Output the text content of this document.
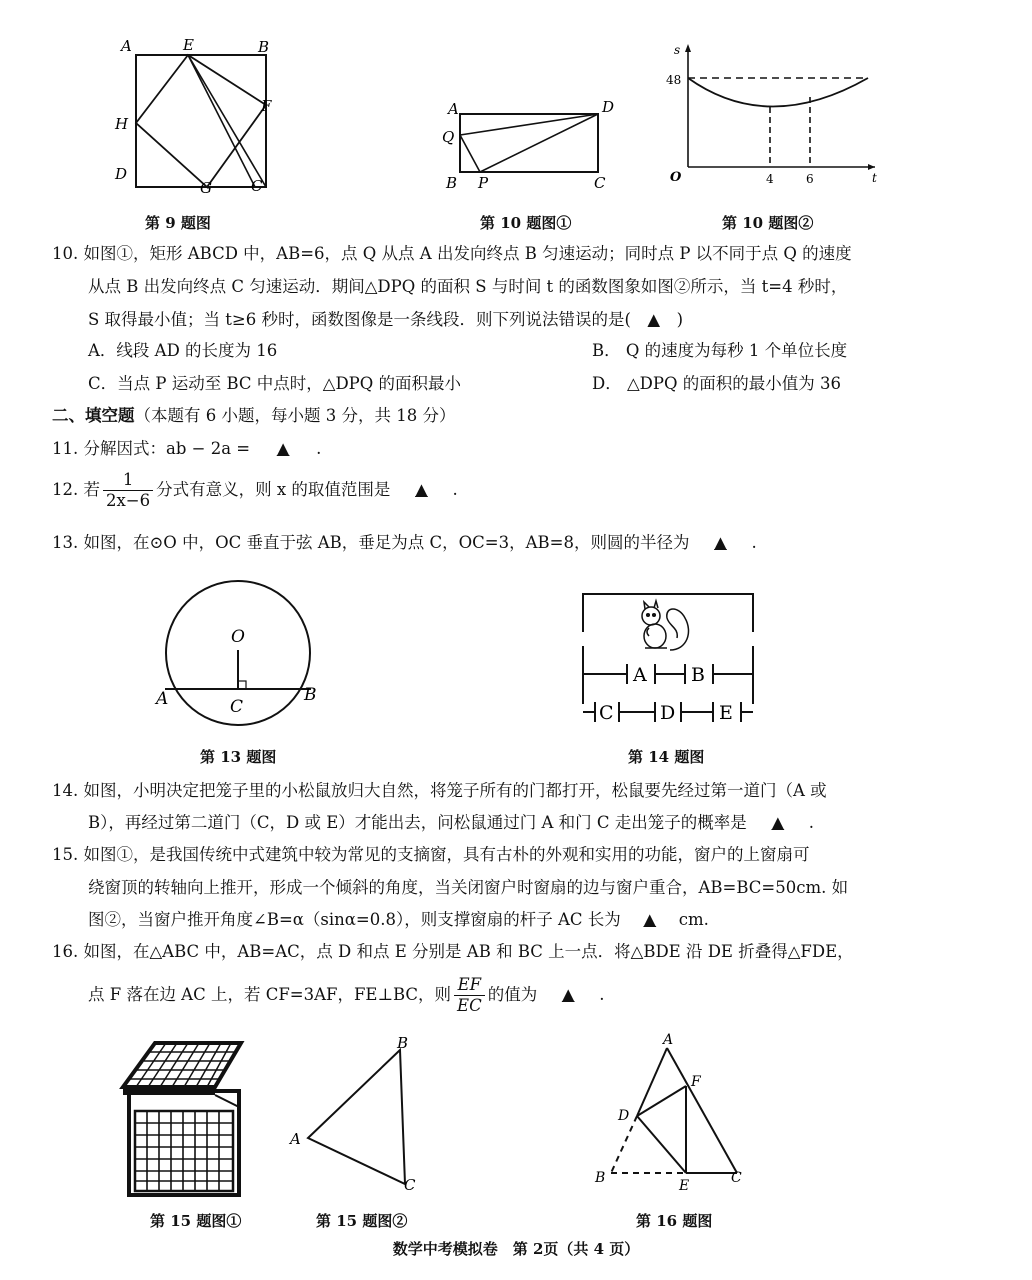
A	E	B
F
H
D
G	C
第 9 题图
A	D
Q
B P	C
第 10 题图①
s
48
O	4	6	t
第 10 题图②
10. 如图①，矩形 ABCD 中，AB=6，点 Q 从点 A 出发向终点 B 匀速运动；同时点 P 以不同于点 Q 的速度
从点 B 出发向终点 C 匀速运动．期间△DPQ 的面积 S 与时间 t 的函数图象如图②所示，当 t=4 秒时，
S 取得最小值；当 t≥6 秒时，函数图像是一条线段．则下列说法错误的是(　▲　)
A．线段 AD 的长度为 16	B． Q 的速度为每秒 1 个单位长度
C．当点 P 运动至 BC 中点时，△DPQ 的面积最小	D． △DPQ 的面积的最小值为 36
二、填空题（本题有 6 小题，每小题 3 分，共 18 分）
11. 分解因式：ab − 2a = ▲ .
12. 若 $\frac{1}{2x-6}$ 分式有意义，则 x 的取值范围是 ▲ .
13. 如图，在⊙O 中，OC 垂直于弦 AB，垂足为点 C，OC=3，AB=8，则圆的半径为 ▲ .
O
A	C
B
第 13 题图
A B
C D E
第 14 题图
14. 如图，小明决定把笼子里的小松鼠放归大自然，将笼子所有的门都打开，松鼠要先经过第一道门（A 或
B），再经过第二道门（C，D 或 E）才能出去，问松鼠通过门 A 和门 C 走出笼子的概率是 ▲ .
15. 如图①，是我国传统中式建筑中较为常见的支摘窗，具有古朴的外观和实用的功能，窗户的上窗扇可
绕窗顶的转轴向上推开，形成一个倾斜的角度，当关闭窗户时窗扇的边与窗户重合，AB=BC=50cm. 如
图②，当窗户推开角度∠B=α（sinα=0.8），则支撑窗扇的杆子 AC 长为 ▲ cm.
16. 如图，在△ABC 中，AB=AC，点 D 和点 E 分别是 AB 和 BC 上一点．将△BDE 沿 DE 折叠得△FDE，
点 F 落在边 AC 上，若 CF=3AF，FE⊥BC，则 $\frac{EF}{EC}$ 的值为 ▲ .
第 15 题图①
B
A
C
第 15 题图②
A
F
D
B	E	C
第 16 题图
数学中考模拟卷　第 2页（共 4 页）
